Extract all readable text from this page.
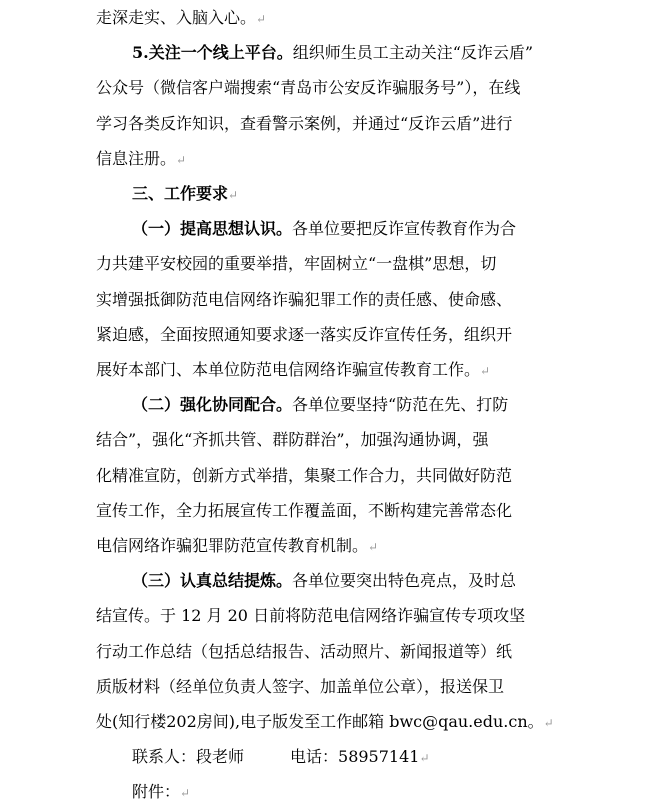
走深走实、入脑入心。↵
5.关注一个线上平台。组织师生员工主动关注“反诈云盾”
公众号（微信客户端搜索“青岛市公安反诈骗服务号”），在线
学习各类反诈知识，查看警示案例，并通过“反诈云盾”进行
信息注册。↵
三、工作要求↵
（一）提高思想认识。各单位要把反诈宣传教育作为合
力共建平安校园的重要举措，牢固树立“一盘棋”思想，切
实增强抵御防范电信网络诈骗犯罪工作的责任感、使命感、
紧迫感，全面按照通知要求逐一落实反诈宣传任务，组织开
展好本部门、本单位防范电信网络诈骗宣传教育工作。↵
（二）强化协同配合。各单位要坚持“防范在先、打防
结合”，强化“齐抓共管、群防群治”，加强沟通协调，强
化精准宣防，创新方式举措，集聚工作合力，共同做好防范
宣传工作，全力拓展宣传工作覆盖面，不断构建完善常态化
电信网络诈骗犯罪防范宣传教育机制。↵
（三）认真总结提炼。各单位要突出特色亮点，及时总
结宣传。于 12 月 20 日前将防范电信网络诈骗宣传专项攻坚
行动工作总结（包括总结报告、活动照片、新闻报道等）纸
质版材料（经单位负责人签字、加盖单位公章），报送保卫
处(知行楼202房间),电子版发至工作邮箱 bwc@qau.edu.cn。↵
联系人：段老师	电话：58957141↵
附件：↵
